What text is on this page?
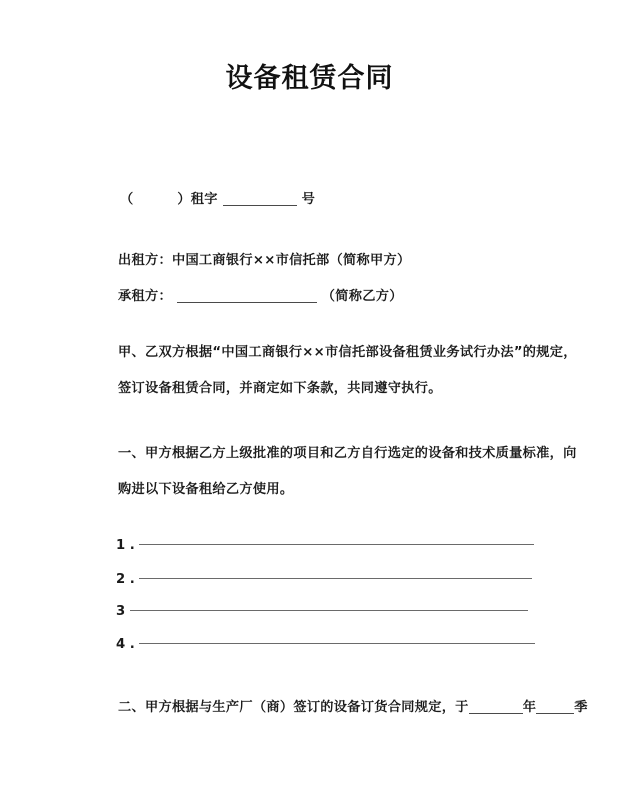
设备租赁合同
（	）租字	号
出租方：中国工商银行××市信托部（简称甲方）
承租方：	（简称乙方）
甲、乙双方根据“中国工商银行××市信托部设备租赁业务试行办法”的规定，
签订设备租赁合同，并商定如下条款，共同遵守执行。
一、甲方根据乙方上级批准的项目和乙方自行选定的设备和技术质量标准，向
购进以下设备租给乙方使用。
1 .
2 .
3
4 .
二、甲方根据与生产厂（商）签订的设备订货合同规定，于	年	季
